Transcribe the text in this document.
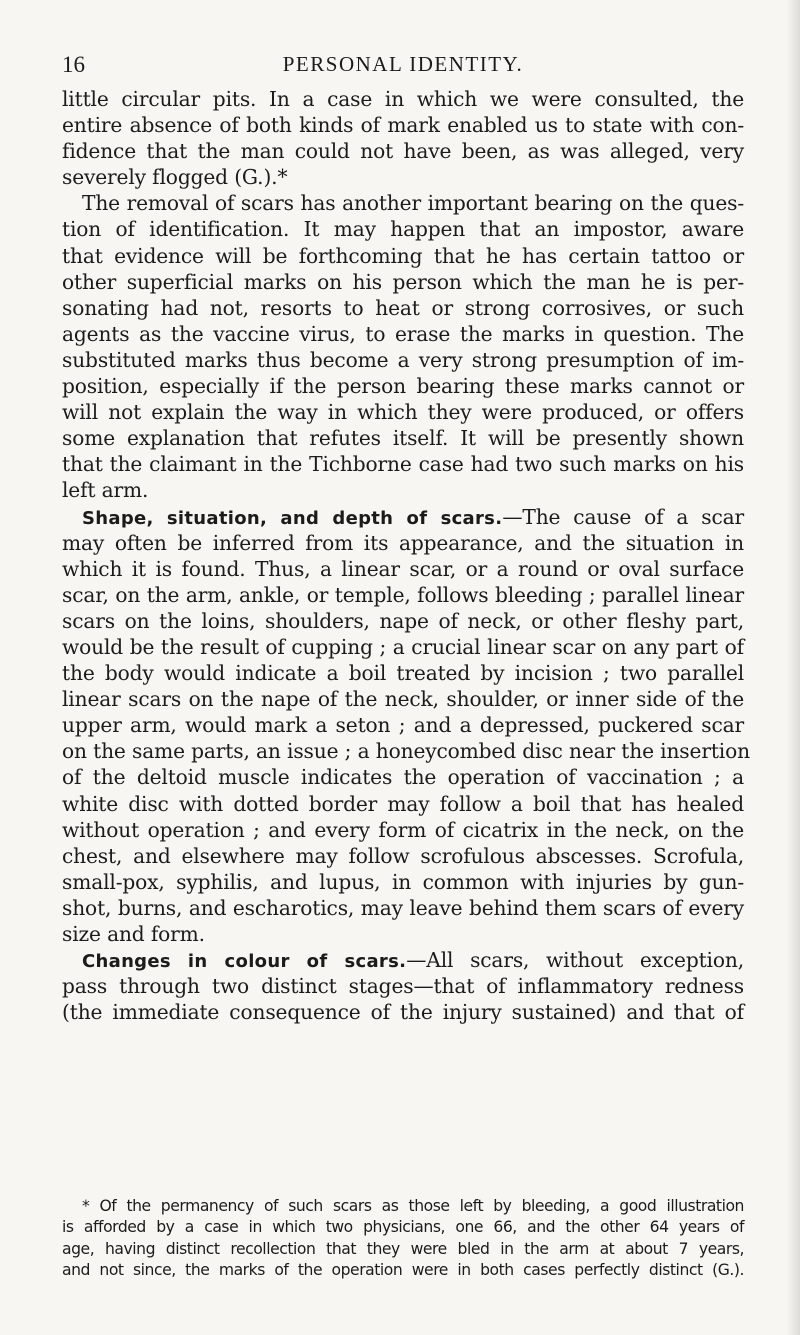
16	PERSONAL IDENTITY.
little circular pits. In a case in which we were consulted, the
entire absence of both kinds of mark enabled us to state with con-
fidence that the man could not have been, as was alleged, very
severely flogged (G.).*
The removal of scars has another important bearing on the ques-
tion of identification. It may happen that an impostor, aware
that evidence will be forthcoming that he has certain tattoo or
other superficial marks on his person which the man he is per-
sonating had not, resorts to heat or strong corrosives, or such
agents as the vaccine virus, to erase the marks in question. The
substituted marks thus become a very strong presumption of im-
position, especially if the person bearing these marks cannot or
will not explain the way in which they were produced, or offers
some explanation that refutes itself. It will be presently shown
that the claimant in the Tichborne case had two such marks on his
left arm.
Shape, situation, and depth of scars.—The cause of a scar
may often be inferred from its appearance, and the situation in
which it is found. Thus, a linear scar, or a round or oval surface
scar, on the arm, ankle, or temple, follows bleeding ; parallel linear
scars on the loins, shoulders, nape of neck, or other fleshy part,
would be the result of cupping ; a crucial linear scar on any part of
the body would indicate a boil treated by incision ; two parallel
linear scars on the nape of the neck, shoulder, or inner side of the
upper arm, would mark a seton ; and a depressed, puckered scar
on the same parts, an issue ; a honeycombed disc near the insertion
of the deltoid muscle indicates the operation of vaccination ; a
white disc with dotted border may follow a boil that has healed
without operation ; and every form of cicatrix in the neck, on the
chest, and elsewhere may follow scrofulous abscesses. Scrofula,
small-pox, syphilis, and lupus, in common with injuries by gun-
shot, burns, and escharotics, may leave behind them scars of every
size and form.
Changes in colour of scars.—All scars, without exception,
pass through two distinct stages—that of inflammatory redness
(the immediate consequence of the injury sustained) and that of
* Of the permanency of such scars as those left by bleeding, a good illustration
is afforded by a case in which two physicians, one 66, and the other 64 years of
age, having distinct recollection that they were bled in the arm at about 7 years,
and not since, the marks of the operation were in both cases perfectly distinct (G.).
